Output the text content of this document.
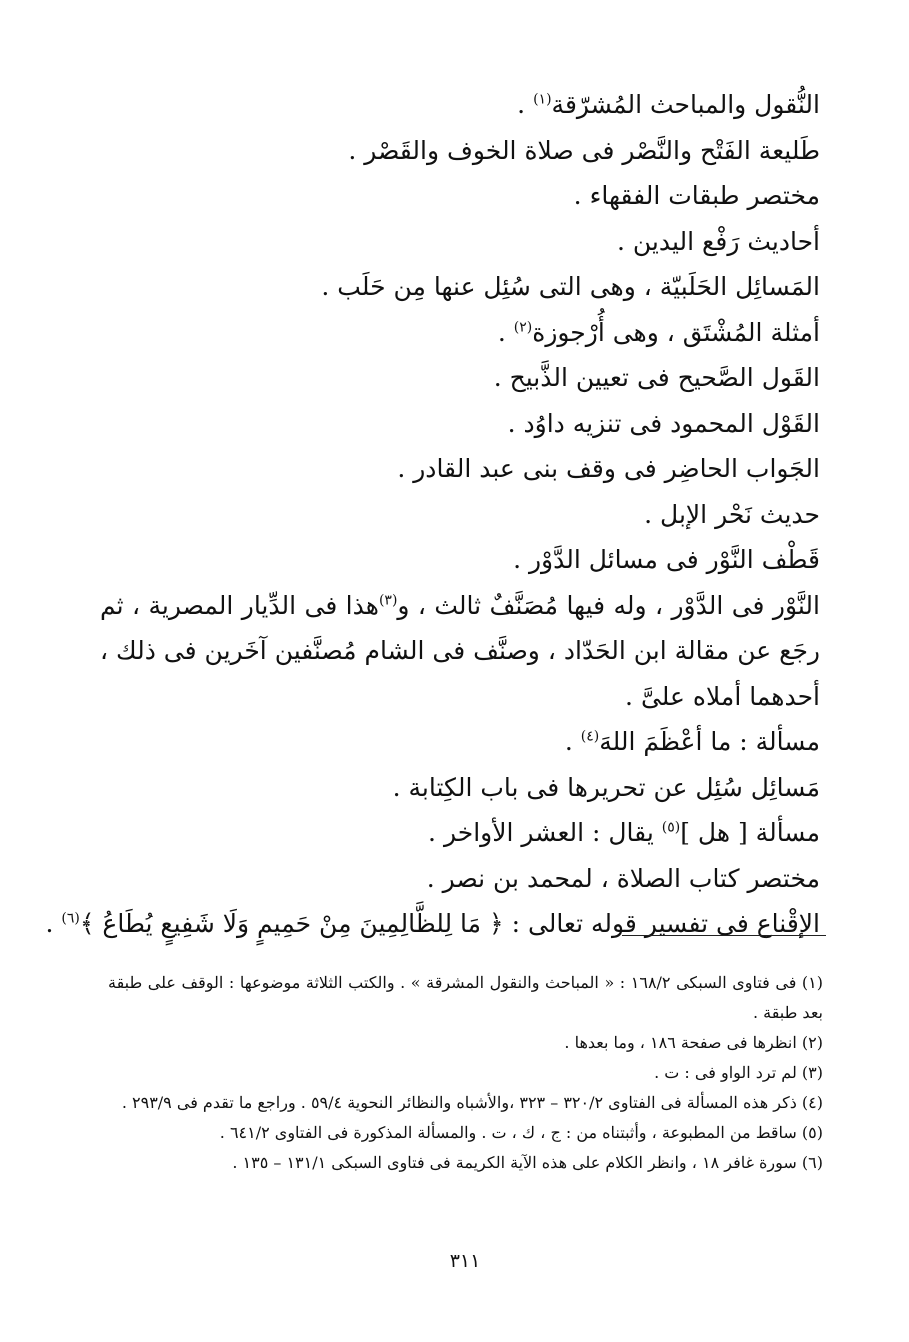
النُّقول والمباحث المُشرّقة$^{(١)}$ .
طَليعة الفَتْح والنَّصْر فى صلاة الخوف والقَصْر .
مختصر طبقات الفقهاء .
أحاديث رَفْع اليدين .
المَسائِل الحَلَبيّة ، وهى التى سُئِل عنها مِن حَلَب .
أمثلة المُشْتَق ، وهى أُرْجوزة$^{(٢)}$ .
القَول الصَّحيح فى تعيين الذَّبيح .
القَوْل المحمود فى تنزيه داوُد .
الجَواب الحاضِر فى وقف بنى عبد القادر .
حديث نَحْر الإبل .
قَطْف النَّوْر فى مسائل الدَّوْر .
النَّوْر فى الدَّوْر ، وله فيها مُصَنَّفٌ ثالث ، و$^{(٣)}$هذا فى الدِّيار المصرية ، ثم رجَع عن مقالة ابن الحَدّاد ، وصنَّف فى الشام مُصنَّفين آخَرين فى ذلك ، أحدهما أملاه علىَّ .
مسألة : ما أعْظَمَ اللهَ$^{(٤)}$ .
مَسائِل سُئِل عن تحريرها فى باب الكِتابة .
مسألة [ هل ]$^{(٥)}$ يقال : العشر الأواخر .
مختصر كتاب الصلاة ، لمحمد بن نصر .
الإقْناع فى تفسير قوله تعالى : ﴿ مَا لِلظَّالِمِينَ مِنْ حَمِيمٍ وَلَا شَفِيعٍ يُطَاعُ ﴾$^{(٦)}$ .
(١) فى فتاوى السبكى ١٦٨/٢ : « المباحث والنقول المشرقة » . والكتب الثلاثة موضوعها : الوقف على طبقة بعد طبقة .
(٢) انظرها فى صفحة ١٨٦ ، وما بعدها .
(٣) لم ترد الواو فى : ت .
(٤) ذكر هذه المسألة فى الفتاوى ٣٢٠/٢ – ٣٢٣ ،والأشباه والنظائر النحوية ٥٩/٤ . وراجع ما تقدم فى ٢٩٣/٩ .
(٥) ساقط من المطبوعة ، وأثبتناه من : ج ، ك ، ت . والمسألة المذكورة فى الفتاوى ٦٤١/٢ .
(٦) سورة غافر ١٨ ، وانظر الكلام على هذه الآية الكريمة فى فتاوى السبكى ١٣١/١ – ١٣٥ .
٣١١
